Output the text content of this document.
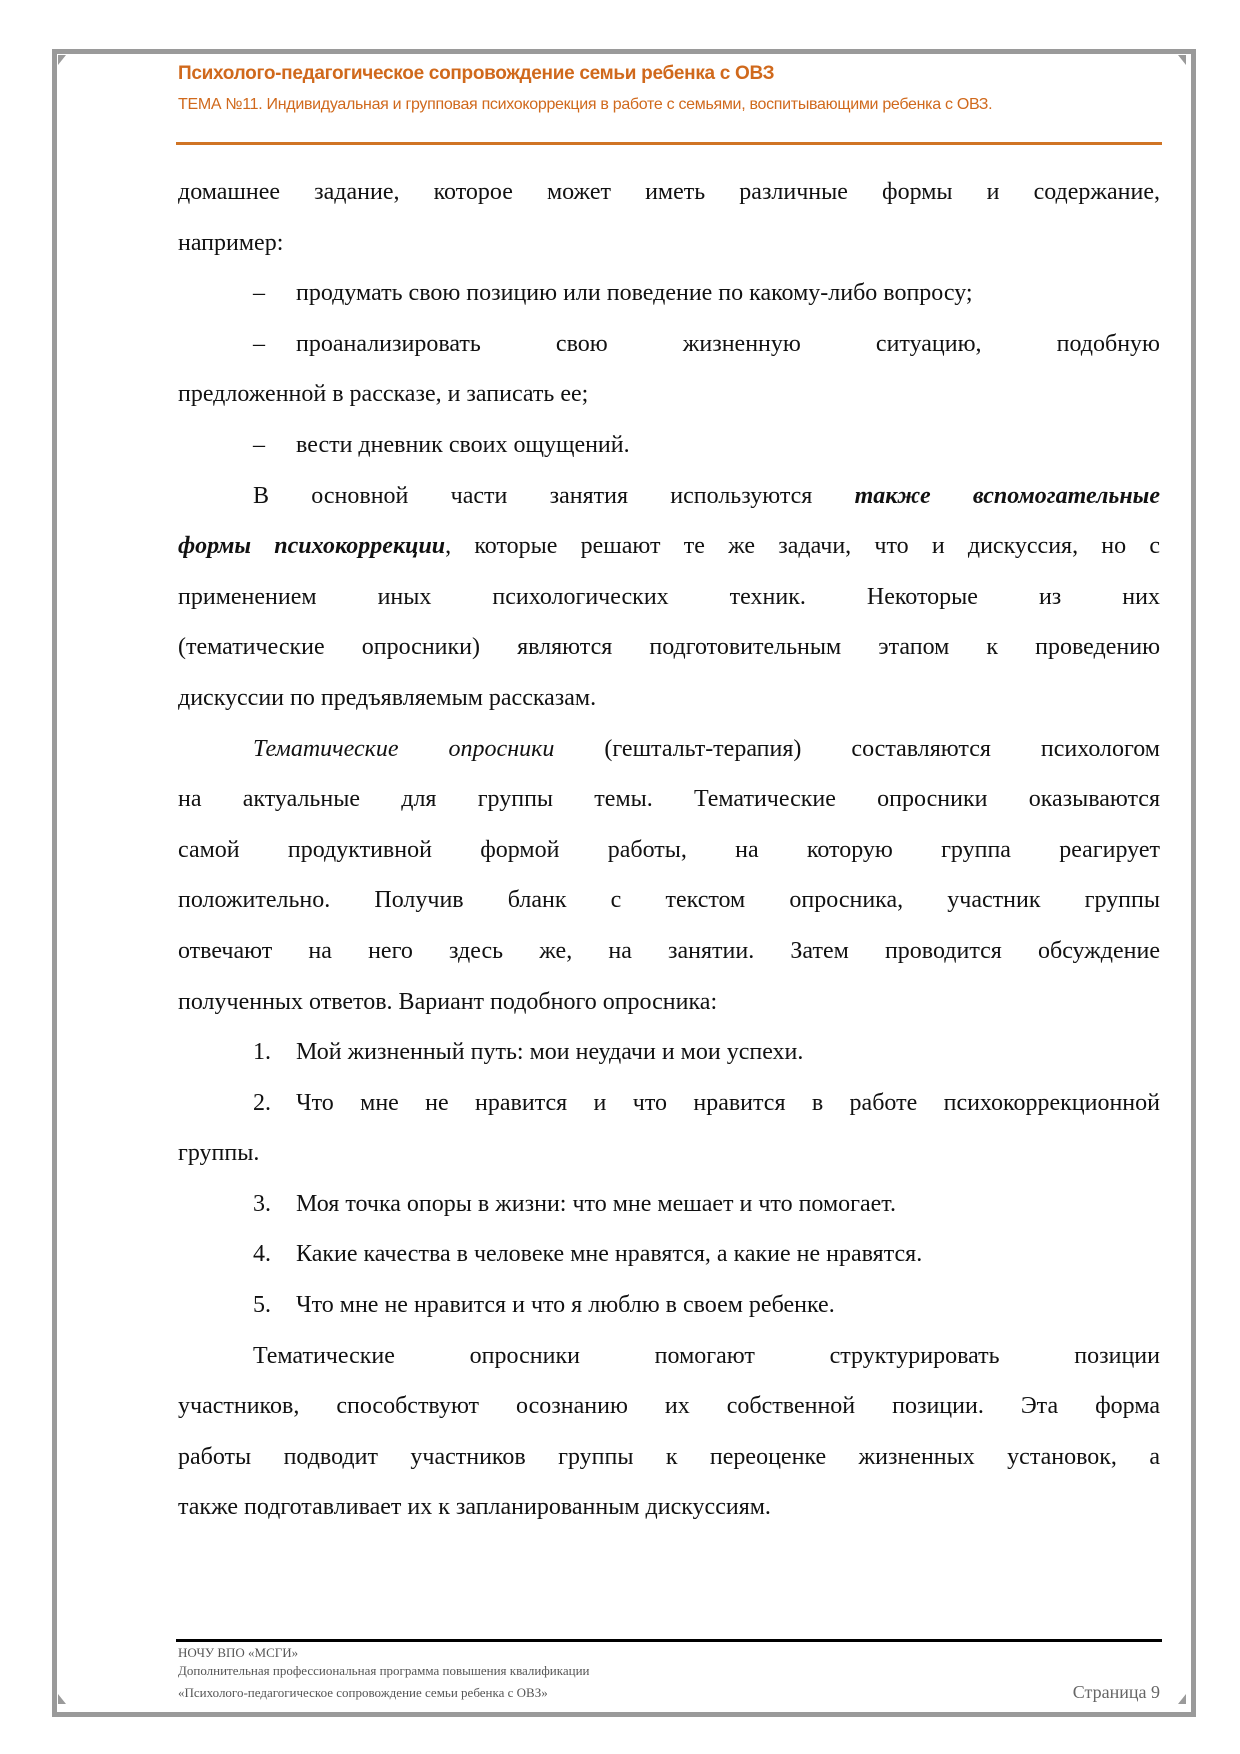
Психолого-педагогическое сопровождение семьи ребенка с ОВЗ
ТЕМА №11. Индивидуальная и групповая психокоррекция в работе с семьями, воспитывающими ребенка с ОВЗ.
домашнее задание, которое может иметь различные формы и содержание,
например:
–	продумать свою позицию или поведение по какому-либо вопросу;
–	проанализировать свою жизненную ситуацию, подобную
предложенной в рассказе, и записать ее;
–	вести дневник своих ощущений.
В основной части занятия используются также вспомогательные
формы психокоррекции, которые решают те же задачи, что и дискуссия, но с
применением иных психологических техник. Некоторые из них
(тематические опросники) являются подготовительным этапом к проведению
дискуссии по предъявляемым рассказам.
Тематические опросники (гештальт-терапия) составляются психологом
на актуальные для группы темы. Тематические опросники оказываются
самой продуктивной формой работы, на которую группа реагирует
положительно. Получив бланк с текстом опросника, участник группы
отвечают на него здесь же, на занятии. Затем проводится обсуждение
полученных ответов. Вариант подобного опросника:
1.	Мой жизненный путь: мои неудачи и мои успехи.
2.	Что мне не нравится и что нравится в работе психокоррекционной
группы.
3.	Моя точка опоры в жизни: что мне мешает и что помогает.
4.	Какие качества в человеке мне нравятся, а какие не нравятся.
5.	Что мне не нравится и что я люблю в своем ребенке.
Тематические опросники помогают структурировать позиции
участников, способствуют осознанию их собственной позиции. Эта форма
работы подводит участников группы к переоценке жизненных установок, а
также подготавливает их к запланированным дискуссиям.
НОЧУ ВПО «МСГИ»
Дополнительная профессиональная программа повышения квалификации
«Психолого-педагогическое сопровождение семьи ребенка с ОВЗ»	Страница 9
